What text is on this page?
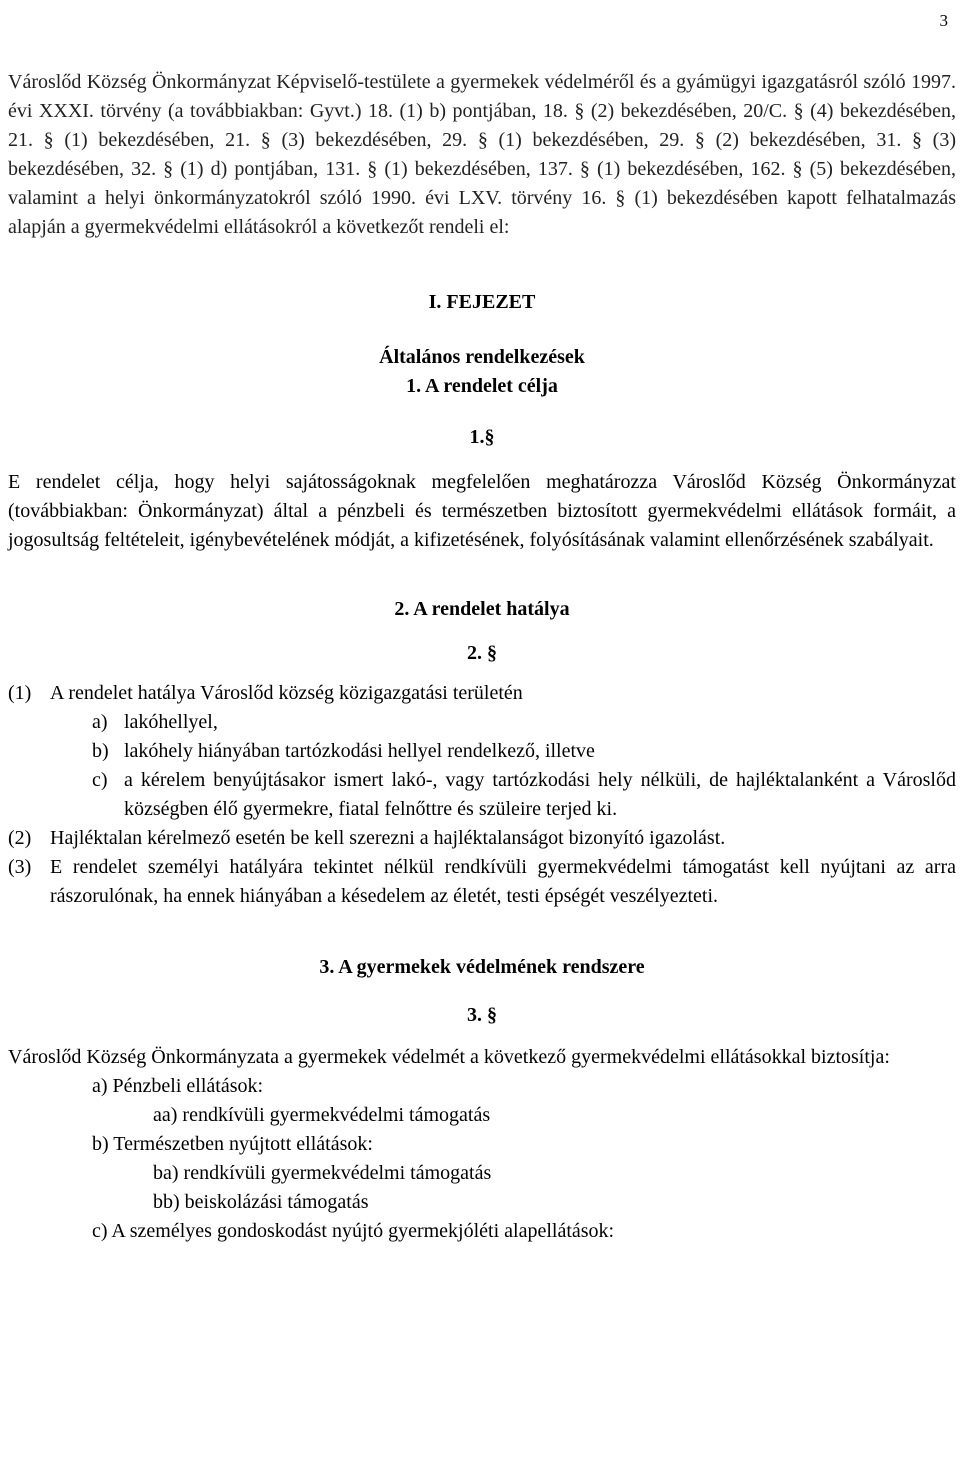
3

Városlőd Község Önkormányzat Képviselő-testülete a gyermekek védelméről és a gyámügyi igazgatásról szóló 1997. évi XXXI. törvény (a továbbiakban: Gyvt.) 18. (1) b) pontjában, 18. § (2) bekezdésében, 20/C. § (4) bekezdésében, 21. § (1) bekezdésében, 21. § (3) bekezdésében, 29. § (1) bekezdésében, 29. § (2) bekezdésében, 31. § (3) bekezdésében, 32. § (1) d) pontjában, 131. § (1) bekezdésében, 137. § (1) bekezdésében, 162. § (5) bekezdésében, valamint a helyi önkormányzatokról szóló 1990. évi LXV. törvény 16. § (1) bekezdésében kapott felhatalmazás alapján a gyermekvédelmi ellátásokról a következőt rendeli el:

I. FEJEZET

Általános rendelkezések

1. A rendelet célja

1.§

E rendelet célja, hogy helyi sajátosságoknak megfelelően meghatározza Városlőd Község Önkormányzat (továbbiakban: Önkormányzat) által a pénzbeli és természetben biztosított gyermekvédelmi ellátások formáit, a jogosultság feltételeit, igénybevételének módját, a kifizetésének, folyósításának valamint ellenőrzésének szabályait.

2. A rendelet hatálya

2. §

(1) A rendelet hatálya Városlőd község közigazgatási területén
a) lakóhellyel,
b) lakóhely hiányában tartózkodási hellyel rendelkező, illetve
c) a kérelem benyújtásakor ismert lakó-, vagy tartózkodási hely nélküli, de hajléktalanként a Városlőd községben élő gyermekre, fiatal felnőttre és szüleire terjed ki.
(2) Hajléktalan kérelmező esetén be kell szerezni a hajléktalanságot bizonyító igazolást.
(3) E rendelet személyi hatályára tekintet nélkül rendkívüli gyermekvédelmi támogatást kell nyújtani az arra rászorulónak, ha ennek hiányában a késedelem az életét, testi épségét veszélyezteti.

3. A gyermekek védelmének rendszere

3. §

Városlőd Község Önkormányzata a gyermekek védelmét a következő gyermekvédelmi ellátásokkal biztosítja:

a) Pénzbeli ellátások:

aa) rendkívüli gyermekvédelmi támogatás

b) Természetben nyújtott ellátások:

ba) rendkívüli gyermekvédelmi támogatás

bb) beiskolázási támogatás

c) A személyes gondoskodást nyújtó gyermekjóléti alapellátások:
